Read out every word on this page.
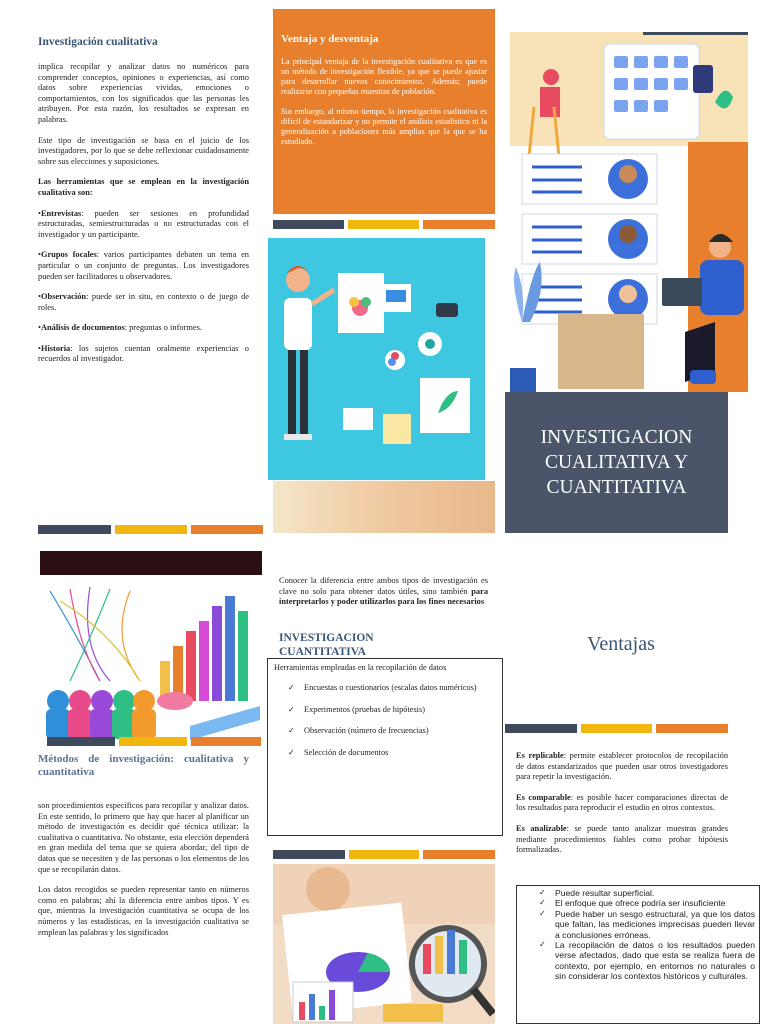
Investigación cualitativa

implica recopilar y analizar datos no numéricos para comprender conceptos, opiniones o experiencias, así como datos sobre experiencias vividas, emociones o comportamientos, con los significados que las personas les atribuyen. Por esta razón, los resultados se expresan en palabras.

Este tipo de investigación se basa en el juicio de los investigadores, por lo que se debe reflexionar cuidadosamente sobre sus elecciones y suposiciones.

Las herramientas que se emplean en la investigación cualitativa son:

•Entrevistas: pueden ser sesiones en profundidad estructuradas, semiestructuradas o no estructuradas con el investigador y un participante.

•Grupos focales: varios participantes debaten un tema en particular o un conjunto de preguntas. Los investigadores pueden ser facilitadores u observadores.

•Observación: puede ser in situ, en contexto o de juego de roles.

•Análisis de documentos: preguntas o informes.

•Historia: los sujetos cuentan oralmente experiencias o recuerdos al investigador.

Ventaja y desventaja

La principal ventaja de la investigación cualitativa es que es un método de investigación flexible, ya que se puede ajustar para desarrollar nuevos conocimientos. Además; puede realizarse con pequeñas muestras de población.

Sin embargo, al mismo tiempo, la investigación cualitativa es difícil de estandarizar y no permite el análisis estadístico ni la generalización a poblaciones más amplias que la que se ha estudiado.

INVESTIGACION CUALITATIVA Y CUANTITATIVA
Métodos de investigación: cualitativa y cuantitativa

son procedimientos específicos para recopilar y analizar datos. En este sentido, lo primero que hay que hacer al planificar un método de investigación es decidir qué técnica utilizar: la cualitativa o cuantitativa. No obstante, esta elección dependerá en gran medida del tema que se quiera abordar, del tipo de datos que se necesiten y de las personas o los elementos de los que se recopilarán datos.

Los datos recogidos se pueden representar tanto en números como en palabras; ahí la diferencia entre ambos tipos. Y es que, mientras la investigación cuantitativa se ocupa de los números y las estadísticas, en la investigación cualitativa se emplean las palabras y los significados

Conocer la diferencia entre ambos tipos de investigación es clave no solo para obtener datos útiles, sino también para interpretarlos y poder utilizarlos para los fines necesarios

INVESTIGACION CUANTITATIVA
Herramientas empleadas en la recopilación de datos
✓ Encuestas o cuestionarios (escalas datos numéricos)
✓ Experimentos (pruebas de hipótesis)
✓ Observación (número de frecuencias)
✓ Selección de documentos
Ventajas

Es replicable: permite establecer protocolos de recopilación de datos estandarizados que pueden usar otros investigadores para repetir la investigación.

Es comparable: es posible hacer comparaciones directas de los resultados para reproducir el estudio en otros contextos.

Es analizable: se puede tanto analizar muestras grandes mediante procedimientos fiables como probar hipótesis formalizadas.

✓ Puede resultar superficial.
✓ El enfoque que ofrece podría ser insuficiente
✓ Puede haber un sesgo estructural, ya que los datos que faltan, las mediciones imprecisas pueden llevar a conclusiones erróneas.
✓ La recopilación de datos o los resultados pueden verse afectados, dado que esta se realiza fuera de contexto, por ejemplo, en entornos no naturales o sin considerar los contextos históricos y culturales.
